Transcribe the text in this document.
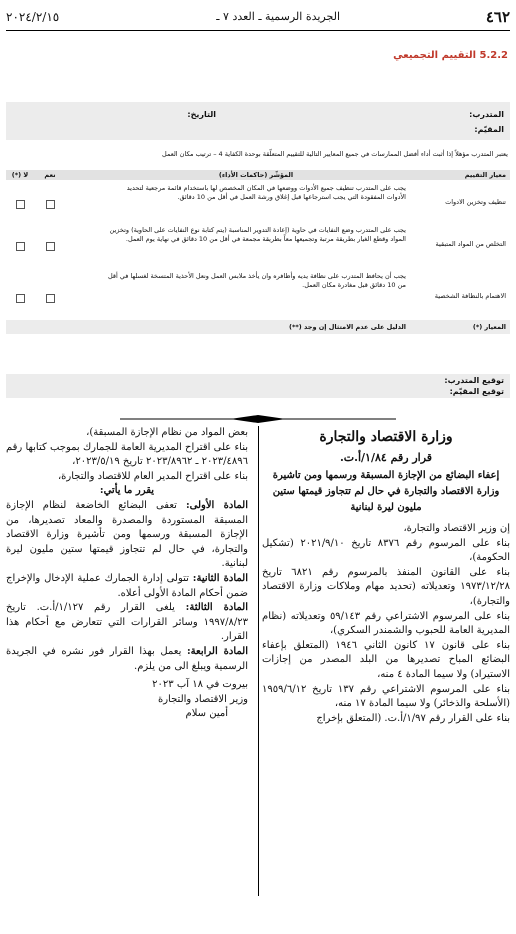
٤٦٢
الجريدة الرسمية ـ العدد ٧ ـ
٢٠٢٤/٢/١٥
5.2.2 التقييم التجميعي
المتدرب:
التاريخ:
المقيّم:
يعتبر المتدرب مؤهلاً إذا أثبت أداء أفضل الممارسات في جميع المعايير التالية للتقييم المتعلّقة بوحدة الكفاية 4 – ترتيب مكان العمل
معيار التقييم
المؤشّر (حاكمات الأداء)
نعم
لا (*)
تنظيف وتخزين الادوات
يجب على المتدرب تنظيف جميع الأدوات ووضعها في المكان المخصص لها باستخدام قائمة مرجعية لتحديد الأدوات المفقودة التي يجب استرجاعها قبل إغلاق ورشة العمل في أقل من 10 دقائق.
التخلص من المواد المتبقية
يجب على المتدرب وضع النفايات في حاوية (إعادة التدوير المناسبة (يتم كتابة نوع النفايات على الحاوية) وتخزين المواد وقطع الغيار بطريقة مرتبة وتجميعها معاً بطريقة مجمعة في أقل من 10 دقائق في نهاية يوم العمل.
الاهتمام بالنظافة الشخصية
يجب أن يحافظ المتدرب على نظافة يديه وأظافره وان يأخذ ملابس العمل ونعل الأحذية المتسخة لغسلها في أقل من 10 دقائق قبل مغادرة مكان العمل.
المعيار (*)
الدليل على عدم الامتثال إن وجد (**)
توقيع المتدرب:
توقيع المقيّم:

وزارة الاقتصاد والتجارة

قرار رقم ١/٨٤/أ.ت.

إعفاء البضائع من الإجازة المسبقة ورسمها ومن تاشيرة وزارة الاقتصاد والتجارة في حال لم تتجاوز قيمتها ستين مليون ليرة لبنانية

إن وزير الاقتصاد والتجارة،

بناء على المرسوم رقم ٨٣٧٦ تاريخ ٢٠٢١/٩/١٠ (تشكيل الحكومة)،

بناء على القانون المنفذ بالمرسوم رقم ٦٨٢١ تاريخ ١٩٧٣/١٢/٢٨ وتعديلاته (تحديد مهام وملاكات وزارة الاقتصاد والتجارة)،

بناء على المرسوم الاشتراعي رقم ٥٩/١٤٣ وتعديلاته (نظام المديرية العامة للحبوب والشمندر السكري)،

بناء على قانون ١٧ كانون الثاني ١٩٤٦ (المتعلق بإعفاء البضائع المباح تصديرها من البلد المصدر من إجازات الاستيراد) ولا سيما المادة ٤ منه،

بناء على المرسوم الاشتراعي رقم ١٣٧ تاريخ ١٩٥٩/٦/١٢ (الأسلحة والذخائر) ولا سيما المادة ١٧ منه،

بناء على القرار رقم ١/٩٧/أ.ت. (المتعلق بإخراج

بعض المواد من نظام الإجازة المسبقة)،

بناء على اقتراح المديرية العامة للجمارك بموجب كتابها رقم ٢٠٢٣/٤٨٩٦ ـ ٢٠٢٣/٨٩٦٢ تاريخ ٢٠٢٣/٥/١٩،

بناء على اقتراح المدير العام للاقتصاد والتجارة،

يقرر ما يأتي:

المادة الأولى: تعفى البضائع الخاضعة لنظام الإجازة المسبقة المستوردة والمصدرة والمعاد تصديرها، من الإجازة المسبقة ورسمها ومن تأشيرة وزارة الاقتصاد والتجارة، في حال لم تتجاوز قيمتها ستين مليون ليرة لبنانية.

المادة الثانية: تتولى إدارة الجمارك عملية الإدخال والإخراج ضمن أحكام المادة الأولى أعلاه.

المادة الثالثة: يلغى القرار رقم ١/١٢٧/أ.ت. تاريخ ١٩٩٧/٨/٢٣ وسائر القرارات التي تتعارض مع أحكام هذا القرار.

المادة الرابعة: يعمل بهذا القرار فور نشره في الجريدة الرسمية ويبلغ الى من يلزم.

بيروت في ١٨ آب ٢٠٢٣

وزير الاقتصاد والتجارة

أمين سلام
